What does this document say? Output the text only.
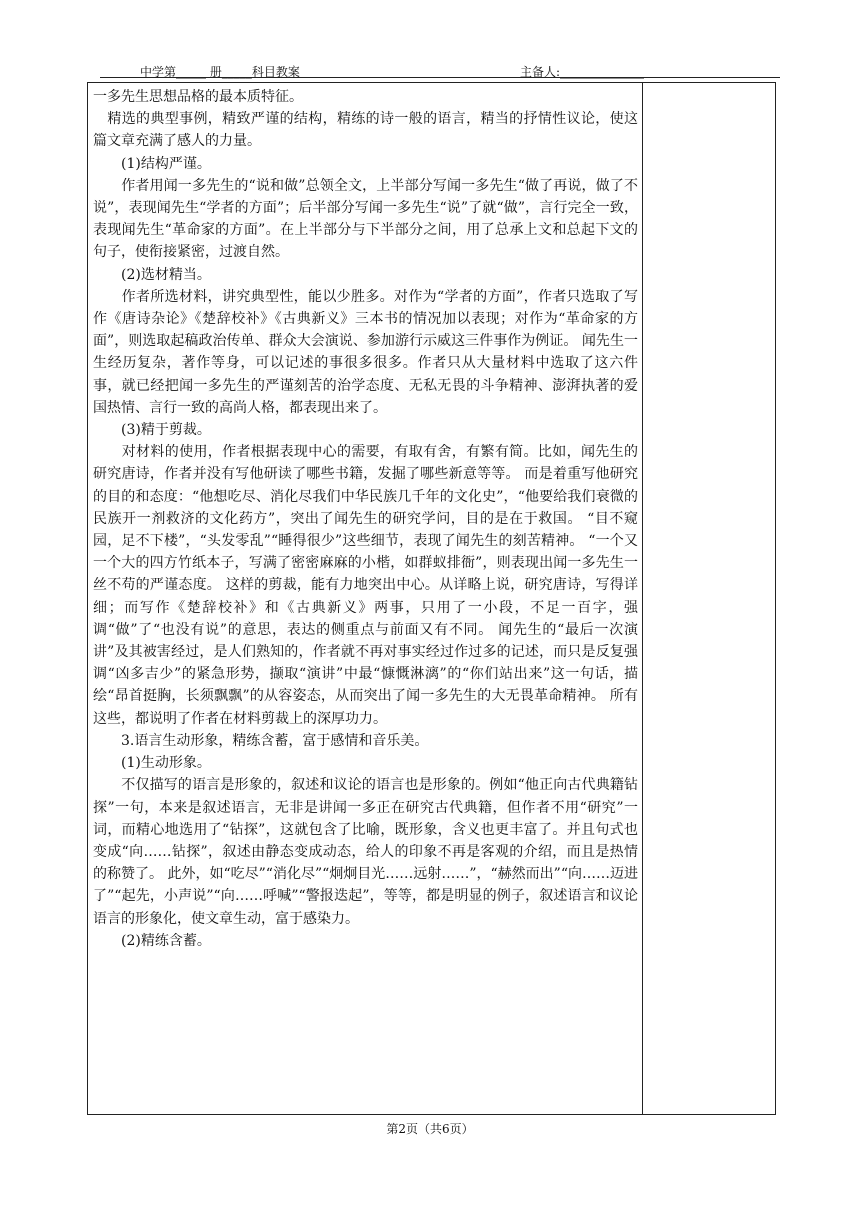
中学第_____ 册_____科目教案	主备人:______________

一多先生思想品格的最本质特征。

　精选的典型事例，精致严谨的结构，精练的诗一般的语言，精当的抒情性议论，使这篇文章充满了感人的力量。

　　(1)结构严谨。

　　作者用闻一多先生的“说和做”总领全文，上半部分写闻一多先生“做了再说，做了不说”，表现闻先生“学者的方面”；后半部分写闻一多先生“说”了就“做”，言行完全一致，表现闻先生“革命家的方面”。在上半部分与下半部分之间，用了总承上文和总起下文的句子，使衔接紧密，过渡自然。

　　(2)选材精当。

　　作者所选材料，讲究典型性，能以少胜多。对作为“学者的方面”，作者只选取了写作《唐诗杂论》《楚辞校补》《古典新义》三本书的情况加以表现；对作为“革命家的方面”，则选取起稿政治传单、群众大会演说、参加游行示威这三件事作为例证。 闻先生一生经历复杂，著作等身，可以记述的事很多很多。作者只从大量材料中选取了这六件事，就已经把闻一多先生的严谨刻苦的治学态度、无私无畏的斗争精神、澎湃执著的爱国热情、言行一致的高尚人格，都表现出来了。

　　(3)精于剪裁。

　　对材料的使用，作者根据表现中心的需要，有取有舍，有繁有简。比如，闻先生的研究唐诗，作者并没有写他研读了哪些书籍，发掘了哪些新意等等。 而是着重写他研究的目的和态度：“他想吃尽、消化尽我们中华民族几千年的文化史”，“他要给我们衰微的民族开一剂救济的文化药方”，突出了闻先生的研究学问，目的是在于救国。 “目不窥园，足不下楼”，“头发零乱”“睡得很少”这些细节，表现了闻先生的刻苦精神。 “一个又一个大的四方竹纸本子，写满了密密麻麻的小楷，如群蚁排衙”，则表现出闻一多先生一丝不苟的严谨态度。 这样的剪裁，能有力地突出中心。从详略上说，研究唐诗，写得详细；而写作《楚辞校补》和《古典新义》两事，只用了一小段，不足一百字，强调“做”了“也没有说”的意思，表达的侧重点与前面又有不同。 闻先生的“最后一次演讲”及其被害经过，是人们熟知的，作者就不再对事实经过作过多的记述，而只是反复强调“凶多吉少”的紧急形势，撷取“演讲”中最“慷慨淋漓”的“你们站出来”这一句话，描绘“昂首挺胸，长须飘飘”的从容姿态，从而突出了闻一多先生的大无畏革命精神。 所有这些，都说明了作者在材料剪裁上的深厚功力。

　　3.语言生动形象，精练含蓄，富于感情和音乐美。

　　(1)生动形象。

　　不仅描写的语言是形象的，叙述和议论的语言也是形象的。例如“他正向古代典籍钻探”一句，本来是叙述语言，无非是讲闻一多正在研究古代典籍，但作者不用“研究”一词，而精心地选用了“钻探”，这就包含了比喻，既形象，含义也更丰富了。并且句式也变成“向……钻探”，叙述由静态变成动态，给人的印象不再是客观的介绍，而且是热情的称赞了。 此外，如“吃尽”“消化尽”“炯炯目光……远射……”，“赫然而出”“向……迈进了”“起先，小声说”“向……呼喊”“警报迭起”，等等，都是明显的例子，叙述语言和议论语言的形象化，使文章生动，富于感染力。

　　(2)精练含蓄。

第2页（共6页）
